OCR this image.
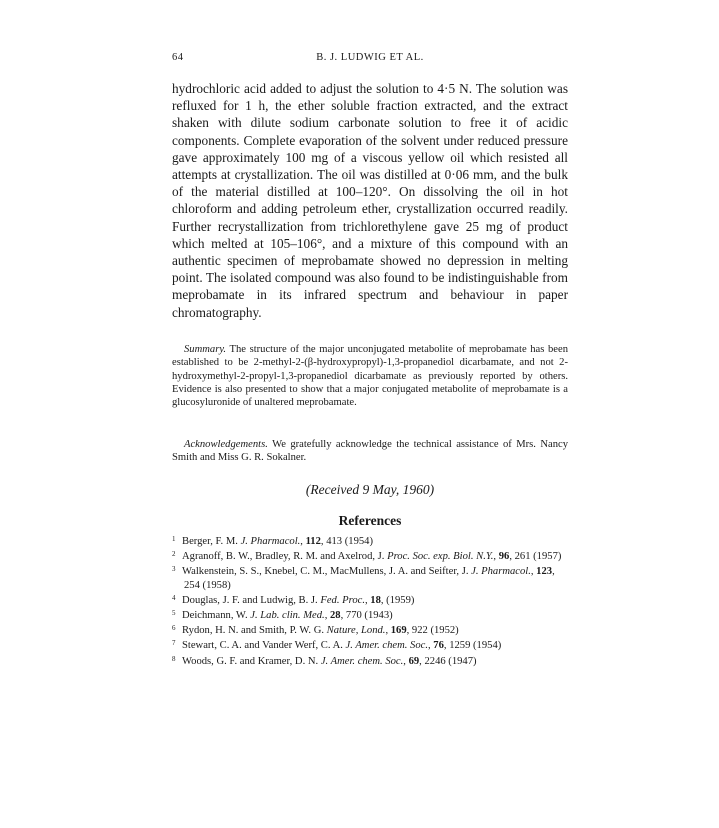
64	B. J. LUDWIG ET AL.

hydrochloric acid added to adjust the solution to 4·5 N. The solution was refluxed for 1 h, the ether soluble fraction extracted, and the extract shaken with dilute sodium carbonate solution to free it of acidic components. Complete evaporation of the solvent under reduced pressure gave approximately 100 mg of a viscous yellow oil which resisted all attempts at crystallization. The oil was distilled at 0·06 mm, and the bulk of the material distilled at 100–120°. On dissolving the oil in hot chloroform and adding petroleum ether, crystallization occurred readily. Further recrystallization from trichlorethylene gave 25 mg of product which melted at 105–106°, and a mixture of this compound with an authentic specimen of meprobamate showed no depression in melting point. The isolated compound was also found to be indistinguishable from meprobamate in its infrared spectrum and behaviour in paper chromatography.

Summary. The structure of the major unconjugated metabolite of meprobamate has been established to be 2-methyl-2-(β-hydroxypropyl)-1,3-propanediol dicarbamate, and not 2-hydroxymethyl-2-propyl-1,3-propanediol dicarbamate as previously reported by others. Evidence is also presented to show that a major conjugated metabolite of meprobamate is a glucosyluronide of unaltered meprobamate.

Acknowledgements. We gratefully acknowledge the technical assistance of Mrs. Nancy Smith and Miss G. R. Sokalner.

(Received 9 May, 1960)
References
1 Berger, F. M. J. Pharmacol., 112, 413 (1954)
2 Agranoff, B. W., Bradley, R. M. and Axelrod, J. Proc. Soc. exp. Biol. N.Y., 96, 261 (1957)
3 Walkenstein, S. S., Knebel, C. M., MacMullens, J. A. and Seifter, J. J. Pharmacol., 123, 254 (1958)
4 Douglas, J. F. and Ludwig, B. J. Fed. Proc., 18, (1959)
5 Deichmann, W. J. Lab. clin. Med., 28, 770 (1943)
6 Rydon, H. N. and Smith, P. W. G. Nature, Lond., 169, 922 (1952)
7 Stewart, C. A. and Vander Werf, C. A. J. Amer. chem. Soc., 76, 1259 (1954)
8 Woods, G. F. and Kramer, D. N. J. Amer. chem. Soc., 69, 2246 (1947)
